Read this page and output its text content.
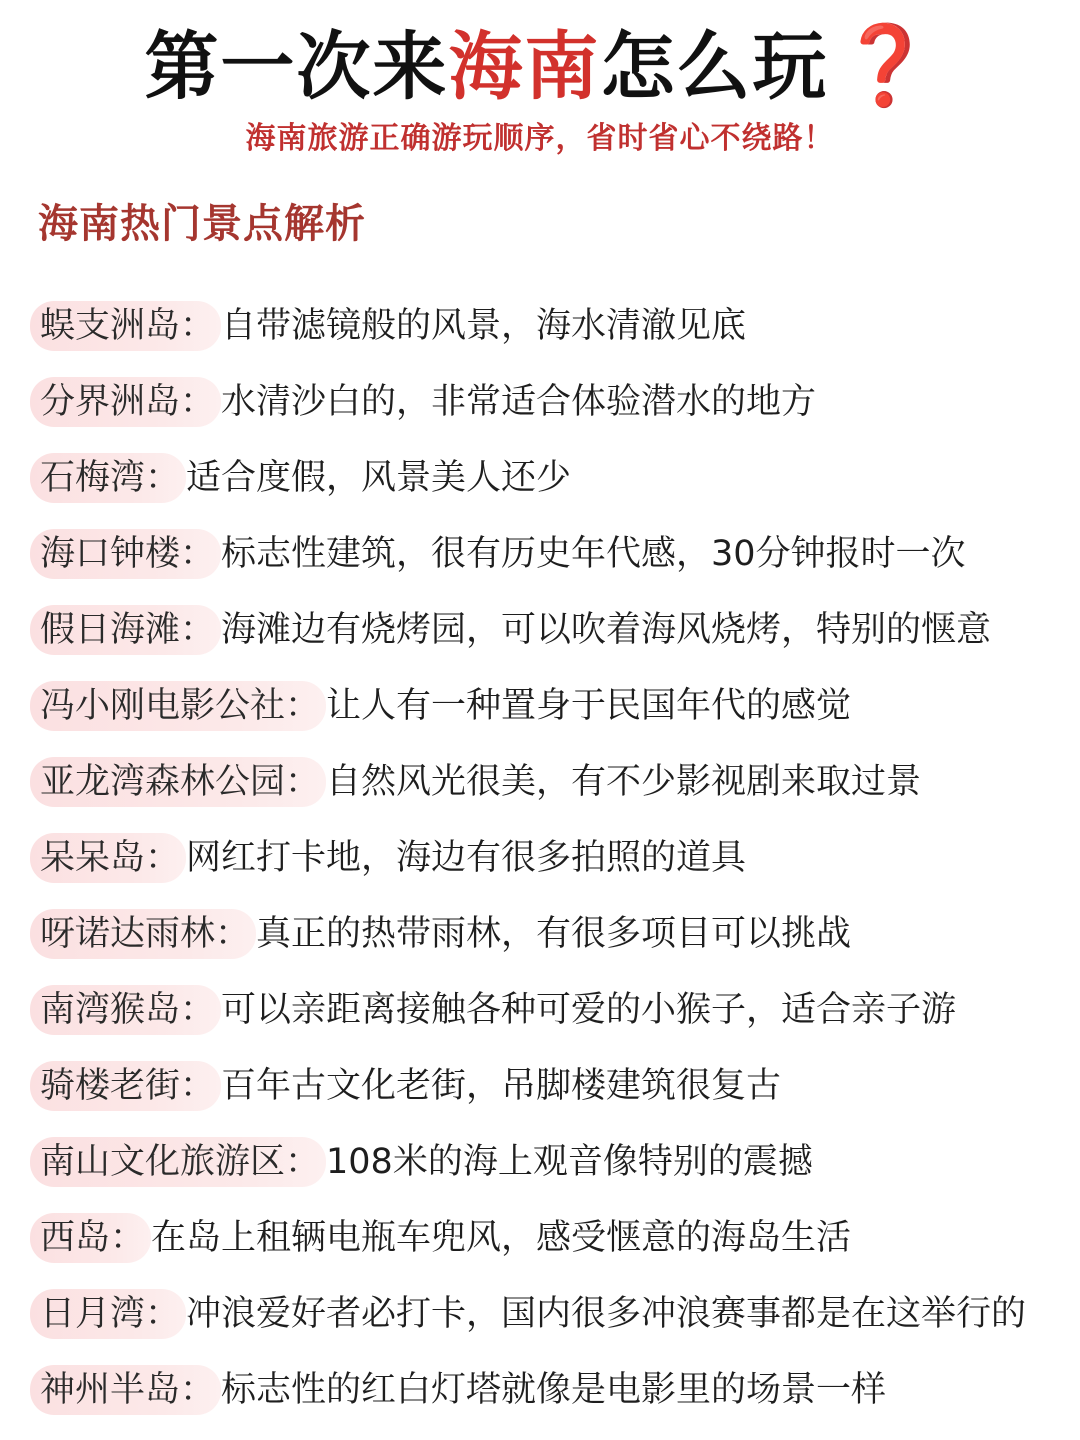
第一次来海南怎么玩 ❓
海南旅游正确游玩顺序，省时省心不绕路！
海南热门景点解析
蜈支洲岛： 自带滤镜般的风景，海水清澈见底
分界洲岛： 水清沙白的，非常适合体验潜水的地方
石梅湾： 适合度假，风景美人还少
海口钟楼： 标志性建筑，很有历史年代感，30分钟报时一次
假日海滩： 海滩边有烧烤园，可以吹着海风烧烤，特别的惬意
冯小刚电影公社： 让人有一种置身于民国年代的感觉
亚龙湾森林公园： 自然风光很美，有不少影视剧来取过景
呆呆岛： 网红打卡地，海边有很多拍照的道具
呀诺达雨林： 真正的热带雨林，有很多项目可以挑战
南湾猴岛： 可以亲距离接触各种可爱的小猴子，适合亲子游
骑楼老街： 百年古文化老街，吊脚楼建筑很复古
南山文化旅游区： 108米的海上观音像特别的震撼
西岛： 在岛上租辆电瓶车兜风，感受惬意的海岛生活
日月湾： 冲浪爱好者必打卡，国内很多冲浪赛事都是在这举行的
神州半岛： 标志性的红白灯塔就像是电影里的场景一样
